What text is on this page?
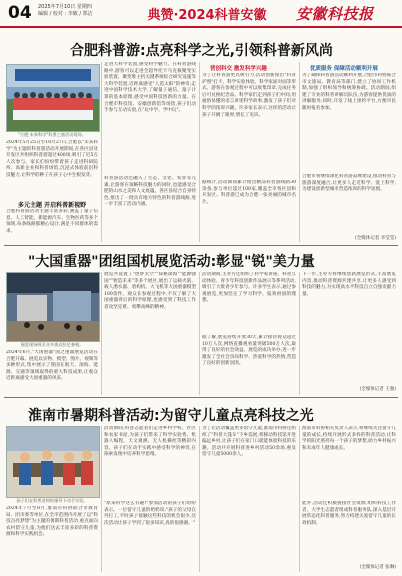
04 2025年7月10日 星期四
编辑 / 校对 : 李敏 / 郑洁	典赞·2024科普安徽	安徽科技报
合肥科普游:点亮科学之光,引领科普新风尚
"合肥·未来科学"科普之旅活动现场。
2024年5月25日至10月27日,合肥以"未来科学"为主题的科普游活动开展期间,在各区县及开发区共组织科普游超过400场,吸引了近5万人次参与。家长们纷纷带着孩子走进科研院所、高新企业和科普场馆,沉浸式体验前沿科技魅力,让科学的种子在孩子心中生根发芽。
多元主题 开启科普新视野
合肥科普游活动主题丰富多彩,涵盖了量子信息、人工智能、新能源汽车、生物医药等多个领域,每条线路都精心设计,满足不同群体的需求。
走进大科学装置,感受科学魅力。在科普游线路中,游客可以走进全超导托卡马克核聚变实验装置、聚变堆主机关键系统综合研究设施等大科学装置,近距离感受"人造太阳"的神奇;走进中国科学技术大学,了解量子通信、量子计算的基本原理,感受中国科技创新的力量。在合肥市科技馆、安徽创新馆等场馆,孩子们动手参与互动实验,在"玩中学、学中玩"。
科普游活动还融入了生态、文化、农业等元素,让游客在领略科技魅力的同时,也能感受合肥的山水之美和人文底蕴。各区县结合自身特色,推出了一批具有地方特色的科普游线路,进一步丰富了活动内涵。
营创科交 激发科学兴趣
为了让科普游更具吸引力,活动创新推出"科普护照"打卡、科学实验体验、科学家面对面等形式。游客在参观过程中可以收集印章,完成任务后可兑换纪念品。科学家们走到孩子们中间,用通俗易懂的语言讲述科学故事,激发了孩子们对科学的浓厚兴趣。许多家长表示,这样的活动让孩子开阔了眼界,增长了见识。
据统计,活动期间累计推出精品科普游线路30余条,参与单位超过100家,覆盖全市各区县和开发区。科普游已成为合肥一张亮丽的城市名片。
优质服务 保障活动顺利开展
为了确保科普游活动顺利开展,合肥市科协联合市文旅局、教育局等部门,建立了协同工作机制,加强了组织领导和统筹协调。活动期间,组建了专业的科普讲解员队伍,为游客提供优质的讲解服务;同时,开发了线上预约平台,方便市民随时报名参加。
合肥市将继续深化科普游品牌建设,推动科普与旅游深度融合,让更多人走近科学、爱上科学,为建设创新型城市营造浓厚的科学氛围。
(全媒体记者 李莹莹)
"大国重器"团组国机展览活动:彰显"锐"美力量
展览现场吸引众多观众驻足参观。
2024年6月,"大国重器"国之重器展览活动在合肥开幕。展览以实物、模型、图片、视频等多种形式,集中展示了我国在航天、深海、能源、交通等领域取得的重大科技成果,让观众近距离感受大国重器的风采。
展览共设置了"逐梦太空""探秘深海""能源强国""智造未来"等多个展区,展出了运载火箭、载人潜水器、盾构机、大飞机等大国重器模型100余件。观众在参观过程中,不仅了解了大国重器背后的科学原理,也感受到了科技工作者攻坚克难、勇攀高峰的精神。
活动期间,主办方还组织了科学家讲座、科普互动体验、青少年科技创新作品展示等系列活动,吸引了大批青少年参与。许多学生表示,通过参观展览,更加坚定了学习科学、报效祖国的理想。
据了解,展览持续开放30天,累计接待观众超过10万人次,网络直播观看量突破500万人次,取得了良好的社会效益。展览的成功举办,进一步激发了全社会崇尚科学、热爱科学的热情,营造了良好的创新氛围。
下一步,主办方将继续创新展览形式,丰富展览内容,推动科普资源共建共享,让更多人感受到科技的魅力,为实现高水平科技自立自强贡献力量。
(全媒体记者 王强)
淮南市暑期科普活动:为留守儿童点亮科技之光
孩子们在科普老师的指导下动手实验。
2024年7月至8月,淮南市科协联合市教育局、团市委等单位,在全市范围内开展了以"科技点亮梦想"为主题的暑期科普活动,重点面向农村留守儿童,为他们送去丰富多彩的科普资源和科学实践机会。
活动期间,科普志愿者们走进乡村学校、社区和农家书屋,为孩子们带来了科学实验秀、机器人编程、天文观测、无人机操控等精彩内容。孩子们在动手实践中感受科学的神奇,在探索发现中培养科学思维。
"原来科学这么有趣!"参加活动的孩子们纷纷表示。一位留守儿童的奶奶说:"孩子的父母在外打工,平时孩子接触这些科技的机会很少,这次活动让孩子学到了很多知识,真的很感谢。"
为了让活动覆盖更多留守儿童,淮南市科协还组织了"科普大篷车"下乡巡展,将移动科技馆开进偏远乡村,让孩子们在家门口就能体验科技的乐趣。活动共开展科普进乡村活动50余场,惠及留守儿童5000余人。
淮南市科协相关负责人表示,将继续关注留守儿童的成长,持续开展形式多样的科普活动,让科学的阳光照亮每一个孩子的梦想,助力乡村振兴和未成年人健康成长。
此外,活动还积极链接社会资源,组织科技工作者、大学生志愿者组成科普服务队,深入基层开展常态化科普服务,努力构建关爱留守儿童的长效机制。
(全媒体记者 张琳)
